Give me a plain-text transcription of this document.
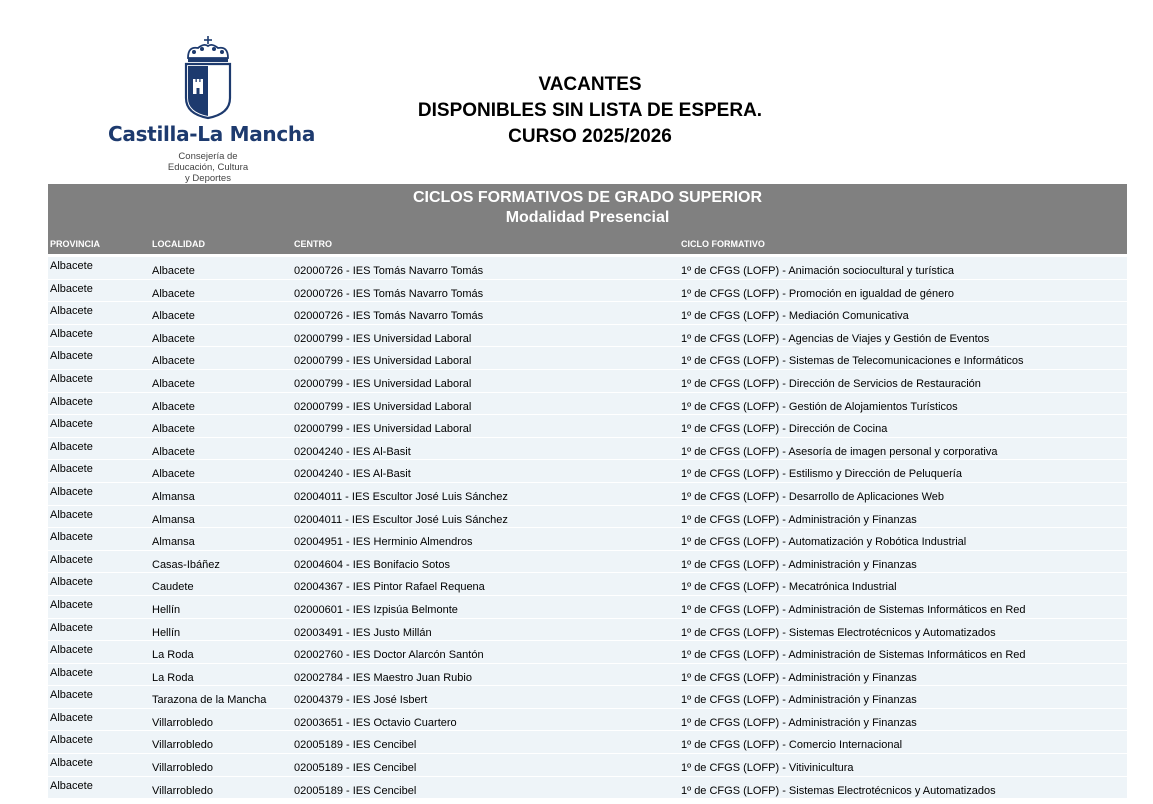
Castilla-La Mancha
Consejería de
Educación, Cultura
y Deportes
VACANTES
DISPONIBLES SIN LISTA DE ESPERA.
CURSO 2025/2026
CICLOS FORMATIVOS DE GRADO SUPERIOR
Modalidad Presencial
PROVINCIA	LOCALIDAD	CENTRO	CICLO FORMATIVO
Albacete	Albacete	02000726 - IES Tomás Navarro Tomás	1º de CFGS (LOFP) - Animación sociocultural y turística
Albacete	Albacete	02000726 - IES Tomás Navarro Tomás	1º de CFGS (LOFP) - Promoción en igualdad de género
Albacete	Albacete	02000726 - IES Tomás Navarro Tomás	1º de CFGS (LOFP) - Mediación Comunicativa
Albacete	Albacete	02000799 - IES Universidad Laboral	1º de CFGS (LOFP) - Agencias de Viajes y Gestión de Eventos
Albacete	Albacete	02000799 - IES Universidad Laboral	1º de CFGS (LOFP) - Sistemas de Telecomunicaciones e Informáticos
Albacete	Albacete	02000799 - IES Universidad Laboral	1º de CFGS (LOFP) - Dirección de Servicios de Restauración
Albacete	Albacete	02000799 - IES Universidad Laboral	1º de CFGS (LOFP) - Gestión de Alojamientos Turísticos
Albacete	Albacete	02000799 - IES Universidad Laboral	1º de CFGS (LOFP) - Dirección de Cocina
Albacete	Albacete	02004240 - IES Al-Basit	1º de CFGS (LOFP) - Asesoría de imagen personal y corporativa
Albacete	Albacete	02004240 - IES Al-Basit	1º de CFGS (LOFP) - Estilismo y Dirección de Peluquería
Albacete	Almansa	02004011 - IES Escultor José Luis Sánchez	1º de CFGS (LOFP) - Desarrollo de Aplicaciones Web
Albacete	Almansa	02004011 - IES Escultor José Luis Sánchez	1º de CFGS (LOFP) - Administración y Finanzas
Albacete	Almansa	02004951 - IES Herminio Almendros	1º de CFGS (LOFP) - Automatización y Robótica Industrial
Albacete	Casas-Ibáñez	02004604 - IES Bonifacio Sotos	1º de CFGS (LOFP) - Administración y Finanzas
Albacete	Caudete	02004367 - IES Pintor Rafael Requena	1º de CFGS (LOFP) - Mecatrónica Industrial
Albacete	Hellín	02000601 - IES Izpisúa Belmonte	1º de CFGS (LOFP) - Administración de Sistemas Informáticos en Red
Albacete	Hellín	02003491 - IES Justo Millán	1º de CFGS (LOFP) - Sistemas Electrotécnicos y Automatizados
Albacete	La Roda	02002760 - IES Doctor Alarcón Santón	1º de CFGS (LOFP) - Administración de Sistemas Informáticos en Red
Albacete	La Roda	02002784 - IES Maestro Juan Rubio	1º de CFGS (LOFP) - Administración y Finanzas
Albacete	Tarazona de la Mancha	02004379 - IES José Isbert	1º de CFGS (LOFP) - Administración y Finanzas
Albacete	Villarrobledo	02003651 - IES Octavio Cuartero	1º de CFGS (LOFP) - Administración y Finanzas
Albacete	Villarrobledo	02005189 - IES Cencibel	1º de CFGS (LOFP) - Comercio Internacional
Albacete	Villarrobledo	02005189 - IES Cencibel	1º de CFGS (LOFP) - Vitivinicultura
Albacete	Villarrobledo	02005189 - IES Cencibel	1º de CFGS (LOFP) - Sistemas Electrotécnicos y Automatizados
